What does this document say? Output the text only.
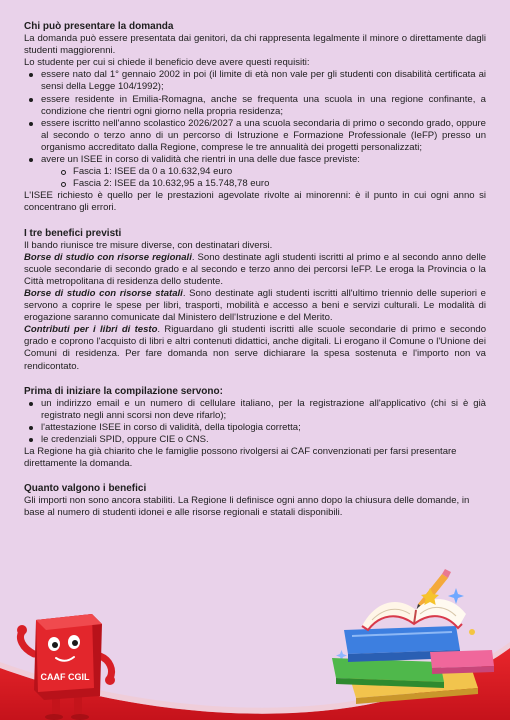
Chi può presentare la domanda

La domanda può essere presentata dai genitori, da chi rappresenta legalmente il minore o direttamente dagli studenti maggiorenni.

Lo studente per cui si chiede il beneficio deve avere questi requisiti:

essere nato dal 1° gennaio 2002 in poi (il limite di età non vale per gli studenti con disabilità certificata ai sensi della Legge 104/1992);
essere residente in Emilia-Romagna, anche se frequenta una scuola in una regione confinante, a condizione che rientri ogni giorno nella propria residenza;
essere iscritto nell'anno scolastico 2026/2027 a una scuola secondaria di primo o secondo grado, oppure al secondo o terzo anno di un percorso di Istruzione e Formazione Professionale (IeFP) presso un organismo accreditato dalla Regione, comprese le tre annualità dei progetti personalizzati;
avere un ISEE in corso di validità che rientri in una delle due fasce previste:
Fascia 1: ISEE da 0 a 10.632,94 euro
Fascia 2: ISEE da 10.632,95 a 15.748,78 euro

L'ISEE richiesto è quello per le prestazioni agevolate rivolte ai minorenni: è il punto in cui ogni anno si concentrano gli errori.

I tre benefici previsti

Il bando riunisce tre misure diverse, con destinatari diversi.

Borse di studio con risorse regionali. Sono destinate agli studenti iscritti al primo e al secondo anno delle scuole secondarie di secondo grado e al secondo e terzo anno dei percorsi IeFP. Le eroga la Provincia o la Città metropolitana di residenza dello studente.

Borse di studio con risorse statali. Sono destinate agli studenti iscritti all'ultimo triennio delle superiori e servono a coprire le spese per libri, trasporti, mobilità e accesso a beni e servizi culturali. Le modalità di erogazione saranno comunicate dal Ministero dell'Istruzione e del Merito.

Contributi per i libri di testo. Riguardano gli studenti iscritti alle scuole secondarie di primo e secondo grado e coprono l'acquisto di libri e altri contenuti didattici, anche digitali. Li erogano il Comune o l'Unione dei Comuni di residenza. Per fare domanda non serve dichiarare la spesa sostenuta e l'importo non va rendicontato.

Prima di iniziare la compilazione servono:
un indirizzo email e un numero di cellulare italiano, per la registrazione all'applicativo (chi si è già registrato negli anni scorsi non deve rifarlo);
l'attestazione ISEE in corso di validità, della tipologia corretta;
le credenziali SPID, oppure CIE o CNS.

La Regione ha già chiarito che le famiglie possono rivolgersi ai CAF convenzionati per farsi presentare direttamente la domanda.

Quanto valgono i benefici

Gli importi non sono ancora stabiliti. La Regione li definisce ogni anno dopo la chiusura delle domande, in base al numero di studenti idonei e alle risorse regionali e statali disponibili.

CAAF CGIL
